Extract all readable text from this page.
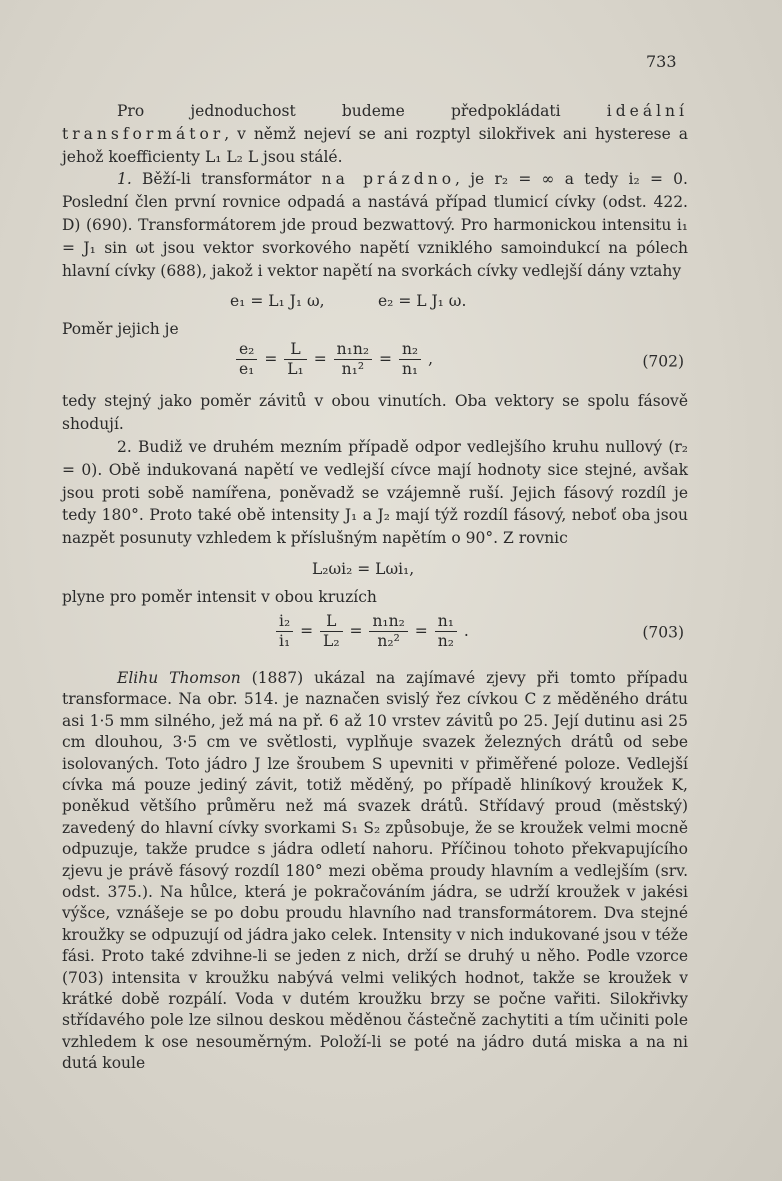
733

Pro jednoduchost budeme předpokládati	ideální transformátor, v němž nejeví se ani rozptyl silokřivek ani hysterese a jehož koefficienty L₁ L₂ L jsou stálé.

1. Běží-li transformátor na prázdno, je r₂ = ∞ a tedy i₂ = 0. Poslední člen první rovnice odpadá a nastává případ tlumicí cívky (odst. 422. D) (690). Transformátorem jde proud bezwattový. Pro harmonickou intensitu i₁ = J₁ sin ωt jsou vektor svorkového napětí vzniklého samoindukcí na pólech hlavní cívky (688), jakož i vektor napětí na svorkách cívky vedlejší dány vztahy

e₁ = L₁ J₁ ω,	e₂ = L J₁ ω.
Poměr jejich je
$\frac{\text{e₂}}{\text{e₁}} = \frac{L}{\text{L₁}} = \frac{\text{n₁n₂}}{\text{n₁²}} = \frac{\text{n₂}}{\text{n₁}}$ ,	(702)

tedy stejný jako poměr závitů v obou vinutích. Oba vektory se spolu fásově shodují.

2. Budiž ve druhém mezním případě odpor vedlejšího kruhu nullový (r₂ = 0). Obě indukovaná napětí ve vedlejší cívce mají hodnoty sice stejné, avšak jsou proti sobě namířena, poněvadž se vzájemně ruší. Jejich fásový rozdíl je tedy 180°. Proto také obě intensity J₁ a J₂ mají týž rozdíl fásový, neboť oba jsou nazpět posunuty vzhledem k příslušným napětím o 90°. Z rovnic

L₂ωi₂ = Lωi₁,
plyne pro poměr intensit v obou kruzích
$\frac{\text{i₂}}{\text{i₁}} = \frac{L}{\text{L₂}} = \frac{\text{n₁n₂}}{\text{n₂²}} = \frac{\text{n₁}}{\text{n₂}}$ .	(703)

Elihu Thomson (1887) ukázal na zajímavé zjevy při tomto případu transformace. Na obr. 514. je naznačen svislý řez cívkou C z měděného drátu asi 1·5 mm silného, jež má na př. 6 až 10 vrstev závitů po 25. Její dutinu asi 25 cm dlouhou, 3·5 cm ve světlosti, vyplňuje svazek železných drátů od sebe isolovaných. Toto jádro J lze šroubem S upevniti v přiměřené poloze. Vedlejší cívka má pouze jediný závit, totiž měděný, po případě hliníkový kroužek K, poněkud většího průměru než má svazek drátů. Střídavý proud (městský) zavedený do hlavní cívky svorkami S₁ S₂ způsobuje, že se kroužek velmi mocně odpuzuje, takže prudce s jádra odletí nahoru. Příčinou tohoto překvapujícího zjevu je právě fásový rozdíl 180° mezi oběma proudy hlavním a vedlejším (srv. odst. 375.). Na hůlce, která je pokračováním jádra, se udrží kroužek v jakési výšce, vznášeje se po dobu proudu hlavního nad transformátorem. Dva stejné kroužky se odpuzují od jádra jako celek. Intensity v nich indukované jsou v téže fási. Proto také zdvihne-li se jeden z nich, drží se druhý u něho. Podle vzorce (703) intensita v kroužku nabývá velmi velikých hodnot, takže se kroužek v krátké době rozpálí. Voda v dutém kroužku brzy se počne vařiti. Silokřivky střídavého pole lze silnou deskou měděnou částečně zachytiti a tím učiniti pole vzhledem k ose nesouměrným. Položí-li se poté na jádro dutá miska a na ni dutá koule
